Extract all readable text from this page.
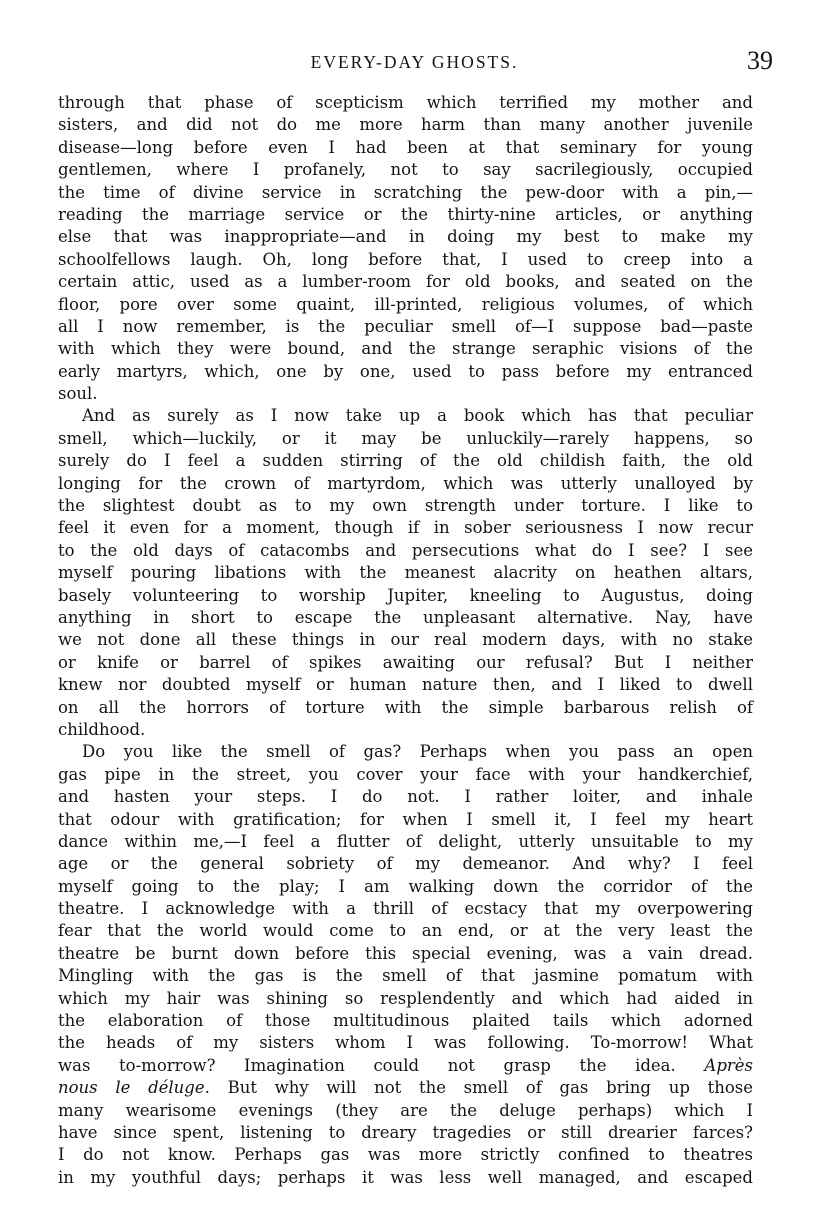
EVERY-DAY GHOSTS.	39
through that phase of scepticism which terrified my mother and
sisters, and did not do me more harm than many another juvenile
disease—long before even I had been at that seminary for young
gentlemen, where I profanely, not to say sacrilegiously, occupied
the time of divine service in scratching the pew-door with a pin,—
reading the marriage service or the thirty-nine articles, or anything
else that was inappropriate—and in doing my best to make my
schoolfellows laugh. Oh, long before that, I used to creep into a
certain attic, used as a lumber-room for old books, and seated on the
floor, pore over some quaint, ill-printed, religious volumes, of which
all I now remember, is the peculiar smell of—I suppose bad—paste
with which they were bound, and the strange seraphic visions of the
early martyrs, which, one by one, used to pass before my entranced
soul.
And as surely as I now take up a book which has that peculiar
smell, which—luckily, or it may be unluckily—rarely happens, so
surely do I feel a sudden stirring of the old childish faith, the old
longing for the crown of martyrdom, which was utterly unalloyed by
the slightest doubt as to my own strength under torture. I like to
feel it even for a moment, though if in sober seriousness I now recur
to the old days of catacombs and persecutions what do I see? I see
myself pouring libations with the meanest alacrity on heathen altars,
basely volunteering to worship Jupiter, kneeling to Augustus, doing
anything in short to escape the unpleasant alternative. Nay, have
we not done all these things in our real modern days, with no stake
or knife or barrel of spikes awaiting our refusal? But I neither
knew nor doubted myself or human nature then, and I liked to dwell
on all the horrors of torture with the simple barbarous relish of
childhood.
Do you like the smell of gas? Perhaps when you pass an open
gas pipe in the street, you cover your face with your handkerchief,
and hasten your steps. I do not. I rather loiter, and inhale
that odour with gratification; for when I smell it, I feel my heart
dance within me,—I feel a flutter of delight, utterly unsuitable to my
age or the general sobriety of my demeanor. And why? I feel
myself going to the play; I am walking down the corridor of the
theatre. I acknowledge with a thrill of ecstacy that my overpowering
fear that the world would come to an end, or at the very least the
theatre be burnt down before this special evening, was a vain dread.
Mingling with the gas is the smell of that jasmine pomatum with
which my hair was shining so resplendently and which had aided in
the elaboration of those multitudinous plaited tails which adorned
the heads of my sisters whom I was following. To-morrow! What
was to-morrow? Imagination could not grasp the idea. Après
nous le déluge. But why will not the smell of gas bring up those
many wearisome evenings (they are the deluge perhaps) which I
have since spent, listening to dreary tragedies or still drearier farces?
I do not know. Perhaps gas was more strictly confined to theatres
in my youthful days; perhaps it was less well managed, and escaped
